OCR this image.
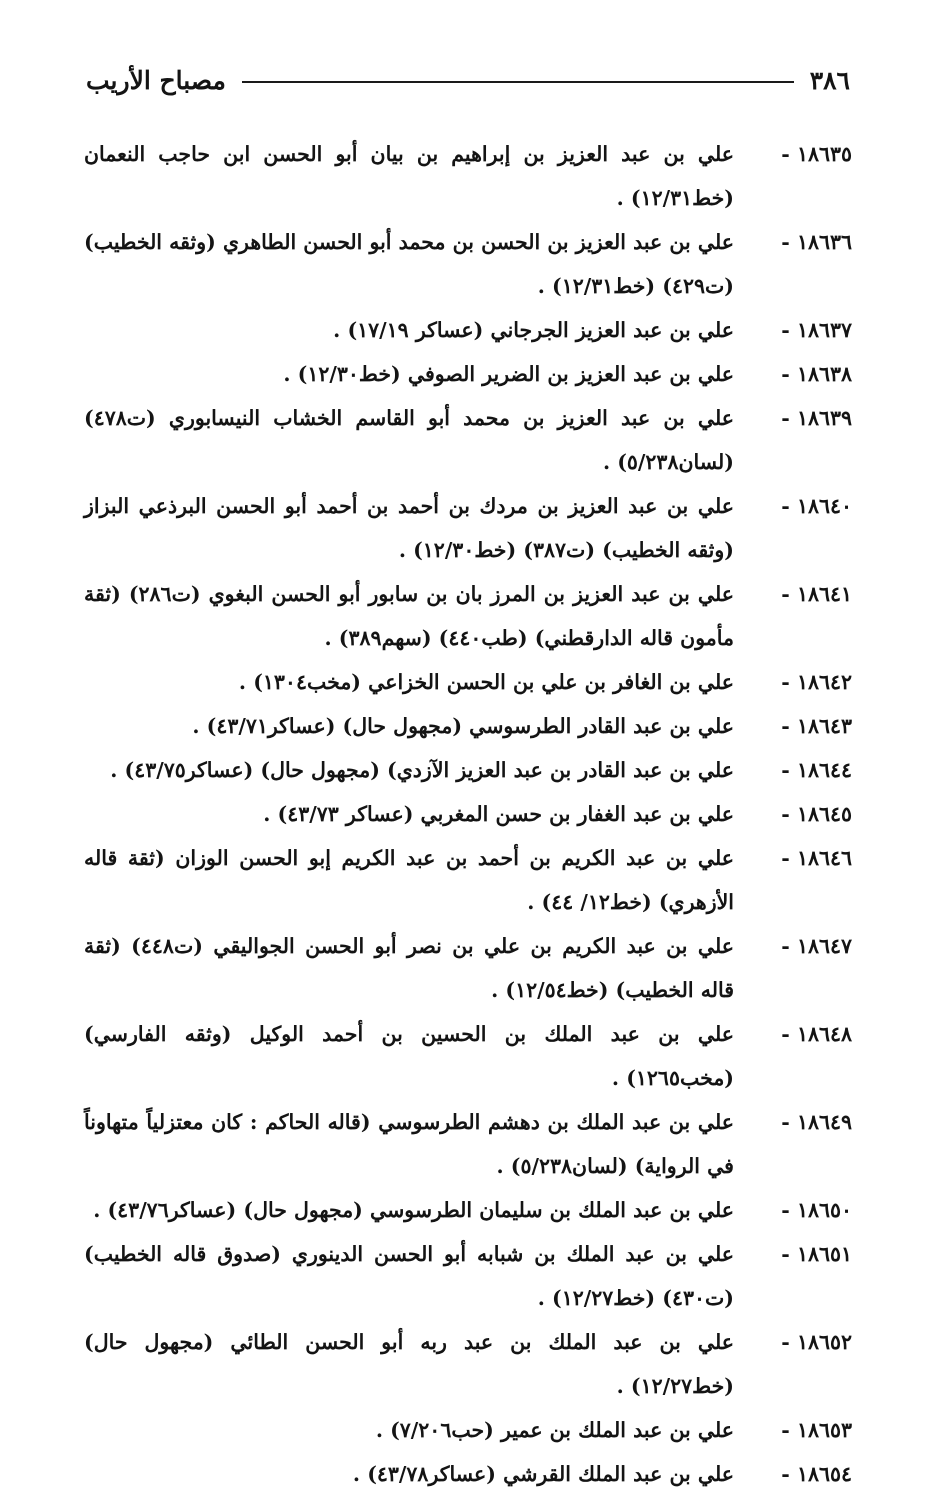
٣٨٦
مصباح الأريب
١٨٦٣٥ -
علي بن عبد العزيز بن إبراهيم بن بيان أبو الحسن ابن حاجب النعمان (خط١٢/٣١) .
١٨٦٣٦ -
علي بن عبد العزيز بن الحسن بن محمد أبو الحسن الطاهري (وثقه الخطيب) (ت٤٢٩) (خط١٢/٣١) .
١٨٦٣٧ -
علي بن عبد العزيز الجرجاني (عساكر ١٧/١٩) .
١٨٦٣٨ -
علي بن عبد العزيز بن الضرير الصوفي (خط١٢/٣٠) .
١٨٦٣٩ -
علي بن عبد العزيز بن محمد أبو القاسم الخشاب النيسابوري (ت٤٧٨) (لسان٥/٢٣٨) .
١٨٦٤٠ -
علي بن عبد العزيز بن مردك بن أحمد بن أحمد أبو الحسن البرذعي البزاز (وثقه الخطيب) (ت٣٨٧) (خط١٢/٣٠) .
١٨٦٤١ -
علي بن عبد العزيز بن المرز بان بن سابور أبو الحسن البغوي (ت٢٨٦) (ثقة مأمون قاله الدارقطني) (طب٤٤٠) (سهم٣٨٩) .
١٨٦٤٢ -
علي بن الغافر بن علي بن الحسن الخزاعي (مخب١٣٠٤) .
١٨٦٤٣ -
علي بن عبد القادر الطرسوسي (مجهول حال) (عساكر٤٣/٧١) .
١٨٦٤٤ -
علي بن عبد القادر بن عبد العزيز الآزدي) (مجهول حال) (عساكر٤٣/٧٥) .
١٨٦٤٥ -
علي بن عبد الغفار بن حسن المغربي (عساكر ٤٣/٧٣) .
١٨٦٤٦ -
علي بن عبد الكريم بن أحمد بن عبد الكريم إبو الحسن الوزان (ثقة قاله الأزهري) (خط١٢/ ٤٤) .
١٨٦٤٧ -
علي بن عبد الكريم بن علي بن نصر أبو الحسن الجواليقي (ت٤٤٨) (ثقة قاله الخطيب) (خط١٢/٥٤) .
١٨٦٤٨ -
علي بن عبد الملك بن الحسين بن أحمد الوكيل (وثقه الفارسي) (مخب١٢٦٥) .
١٨٦٤٩ -
علي بن عبد الملك بن دهشم الطرسوسي (قاله الحاكم : كان معتزلياً متهاوناً في الرواية) (لسان٥/٢٣٨) .
١٨٦٥٠ -
علي بن عبد الملك بن سليمان الطرسوسي (مجهول حال) (عساكر٤٣/٧٦) .
١٨٦٥١ -
علي بن عبد الملك بن شبابه أبو الحسن الدينوري (صدوق قاله الخطيب) (ت٤٣٠) (خط١٢/٢٧) .
١٨٦٥٢ -
علي بن عبد الملك بن عبد ربه أبو الحسن الطائي (مجهول حال) (خط١٢/٢٧) .
١٨٦٥٣ -
علي بن عبد الملك بن عمير (حب٧/٢٠٦) .
١٨٦٥٤ -
علي بن عبد الملك القرشي (عساكر٤٣/٧٨) .
